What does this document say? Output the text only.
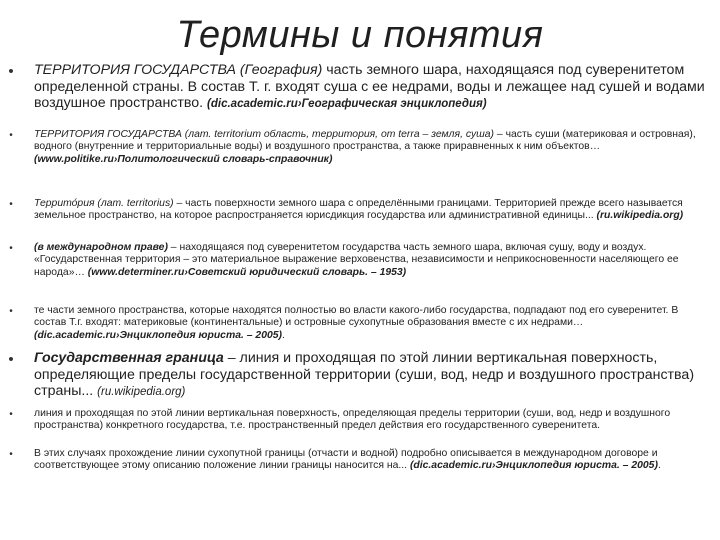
Термины и понятия
• ТЕРРИТОРИЯ ГОСУДАРСТВА (География) часть земного шара, находящаяся под суверенитетом определенной страны. В состав Т. г. входят суша с ее недрами, воды и лежащее над сушей и водами воздушное пространство. (dic.academic.ru›Географическая энциклопедия)
•	ТЕРРИТОРИЯ ГОСУДАРСТВА (лат. territorium область, территория, от terra – земля, суша) – часть суши (материковая и островная), водного (внутренние и территориальные воды) и воздушного пространства, а также приравненных к ним объектов… (www.politike.ru›Политологический словарь-справочник)
•	Террито́рия (лат. territorius) – часть поверхности земного шара с определёнными границами. Территорией прежде всего называется земельное пространство, на которое распространяется юрисдикция государства или административной единицы... (ru.wikipedia.org)
•	(в международном праве) – находящаяся под суверенитетом государства часть земного шара, включая сушу, воду и воздух. «Государственная территория – это материальное выражение верховенства, независимости и неприкосновенности населяющего ее народа»… (www.determiner.ru›Советский юридический словарь. – 1953)
•	те части земного пространства, которые находятся полностью во власти какого-либо государства, подпадают под его суверенитет. В состав Т.г. входят: материковые (континентальные) и островные сухопутные образования вместе с их недрами… (dic.academic.ru›Энциклопедия юриста. – 2005).
• Государственная граница – линия и проходящая по этой линии вертикальная поверхность, определяющие пределы государственной территории (суши, вод, недр и воздушного пространства) страны... (ru.wikipedia.org)
•	линия и проходящая по этой линии вертикальная поверхность, определяющая пределы территории (суши, вод, недр и воздушного пространства) конкретного государства, т.е. пространственный предел действия его государственного суверенитета.
•	В этих случаях прохождение линии сухопутной границы (отчасти и водной) подробно описывается в международном договоре и соответствующее этому описанию положение линии границы наносится на... (dic.academic.ru›Энциклопедия юриста. – 2005).
